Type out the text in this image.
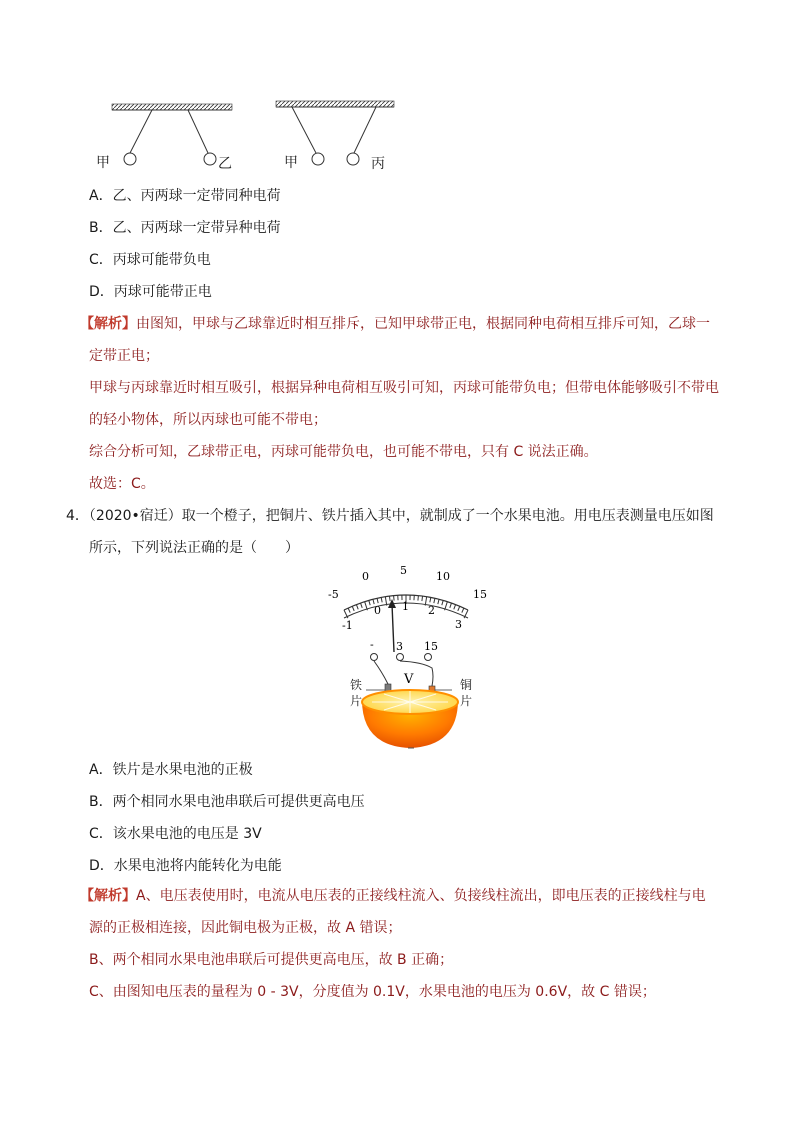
甲	乙	甲	丙
A．乙、丙两球一定带同种电荷
B．乙、丙两球一定带异种电荷
C．丙球可能带负电
D．丙球可能带正电
【解析】由图知，甲球与乙球靠近时相互排斥，已知甲球带正电，根据同种电荷相互排斥可知，乙球一
定带正电；
甲球与丙球靠近时相互吸引，根据异种电荷相互吸引可知，丙球可能带负电；但带电体能够吸引不带电
的轻小物体，所以丙球也可能不带电；
综合分析可知，乙球带正电，丙球可能带负电，也可能不带电，只有 C 说法正确。
故选：C。
4．（2020•宿迁）取一个橙子，把铜片、铁片插入其中，就制成了一个水果电池。用电压表测量电压如图
所示，下列说法正确的是（　　）
-5
0	5	10
15
-1
0 1 2
3
- 3 15
V
铁
片
铜
片
A．铁片是水果电池的正极
B．两个相同水果电池串联后可提供更高电压
C．该水果电池的电压是 3V
D．水果电池将内能转化为电能
【解析】A、电压表使用时，电流从电压表的正接线柱流入、负接线柱流出，即电压表的正接线柱与电
源的正极相连接，因此铜电极为正极，故 A 错误；
B、两个相同水果电池串联后可提供更高电压，故 B 正确；
C、由图知电压表的量程为 0 - 3V，分度值为 0.1V，水果电池的电压为 0.6V，故 C 错误；
